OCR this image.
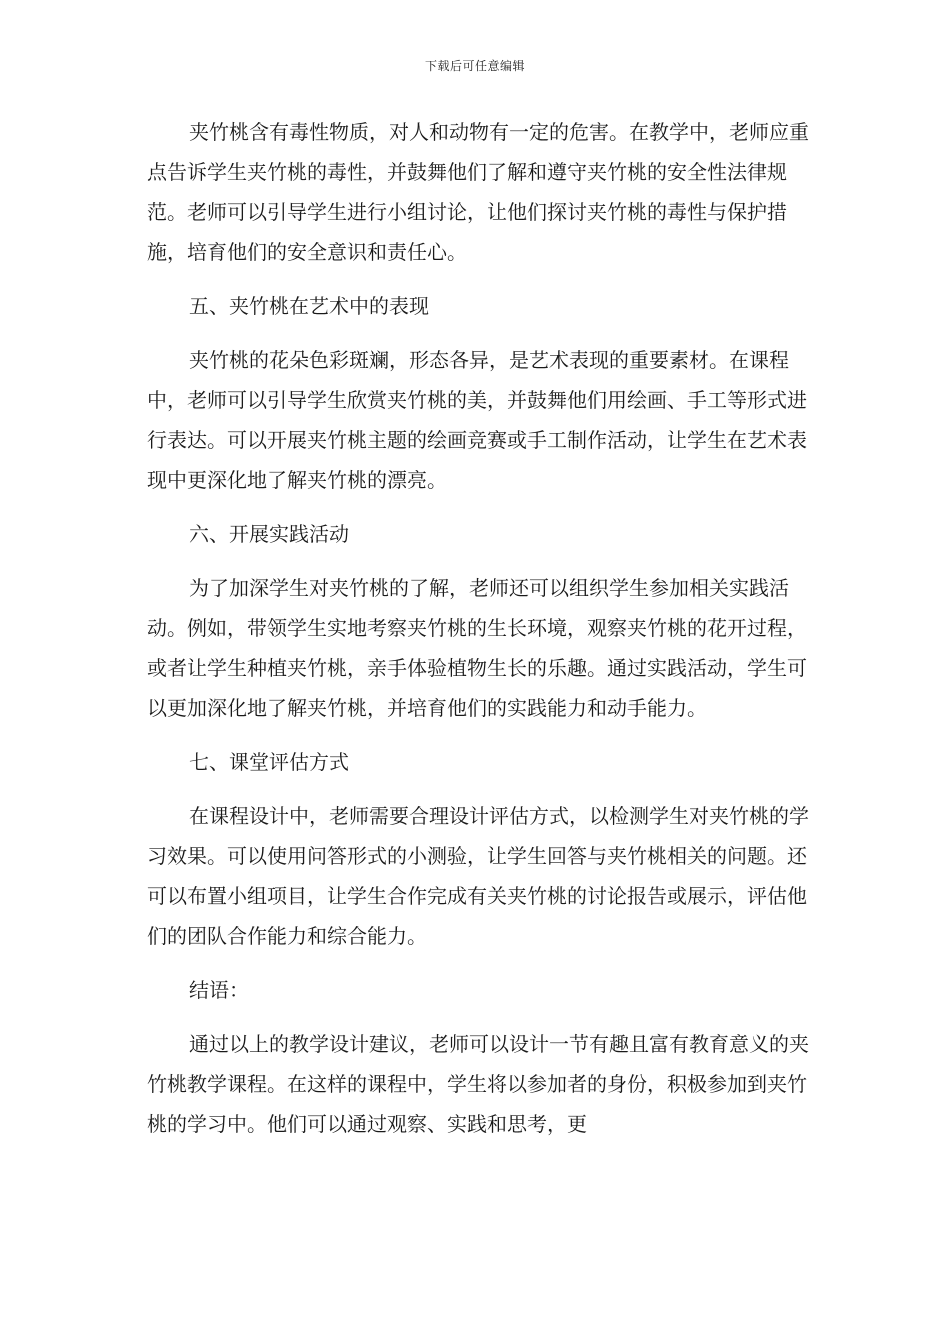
下载后可任意编辑

夹竹桃含有毒性物质，对人和动物有一定的危害。在教学中，老师应重点告诉学生夹竹桃的毒性，并鼓舞他们了解和遵守夹竹桃的安全性法律规范。老师可以引导学生进行小组讨论，让他们探讨夹竹桃的毒性与保护措施，培育他们的安全意识和责任心。

五、夹竹桃在艺术中的表现

夹竹桃的花朵色彩斑斓，形态各异，是艺术表现的重要素材。在课程中，老师可以引导学生欣赏夹竹桃的美，并鼓舞他们用绘画、手工等形式进行表达。可以开展夹竹桃主题的绘画竞赛或手工制作活动，让学生在艺术表现中更深化地了解夹竹桃的漂亮。

六、开展实践活动

为了加深学生对夹竹桃的了解，老师还可以组织学生参加相关实践活动。例如，带领学生实地考察夹竹桃的生长环境，观察夹竹桃的花开过程，或者让学生种植夹竹桃，亲手体验植物生长的乐趣。通过实践活动，学生可以更加深化地了解夹竹桃，并培育他们的实践能力和动手能力。

七、课堂评估方式

在课程设计中，老师需要合理设计评估方式，以检测学生对夹竹桃的学习效果。可以使用问答形式的小测验，让学生回答与夹竹桃相关的问题。还可以布置小组项目，让学生合作完成有关夹竹桃的讨论报告或展示，评估他们的团队合作能力和综合能力。

结语：

通过以上的教学设计建议，老师可以设计一节有趣且富有教育意义的夹竹桃教学课程。在这样的课程中，学生将以参加者的身份，积极参加到夹竹桃的学习中。他们可以通过观察、实践和思考，更
